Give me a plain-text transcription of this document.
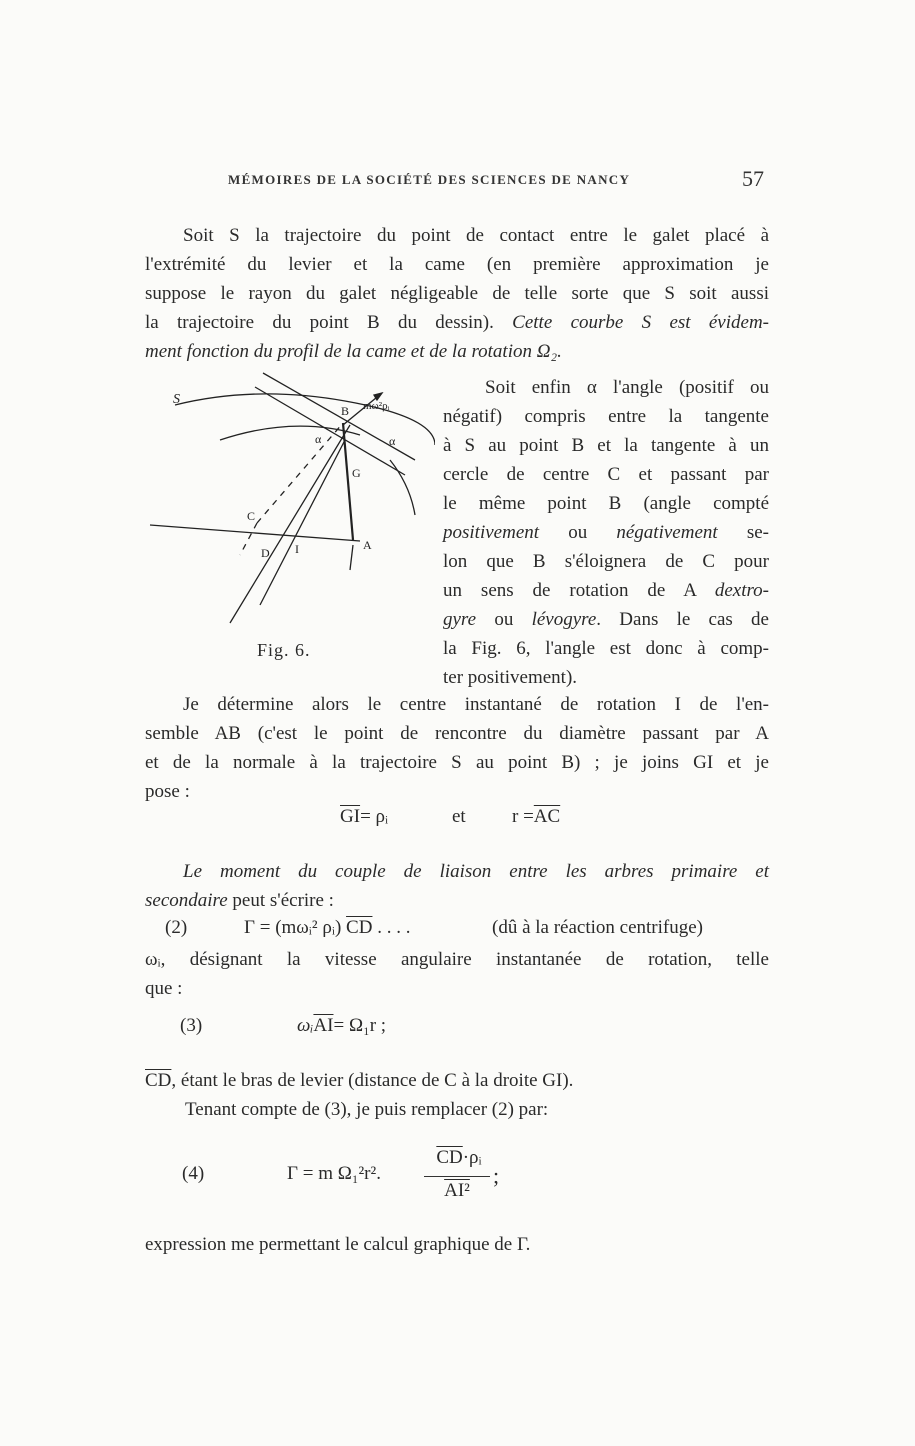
MÉMOIRES DE LA SOCIÉTÉ DES SCIENCES DE NANCY	57
Soit S la trajectoire du point de contact entre le galet placé à
l'extrémité du levier et la came (en première approximation je
suppose le rayon du galet négligeable de telle sorte que S soit aussi
la trajectoire du point B du dessin). Cette courbe S est évidem-
ment fonction du profil de la came et de la rotation Ω₂.
S
B mω²ρᵢ
α	α
G
C
A
D I
Fig. 6.
Soit enfin α l'angle (positif ou
négatif) compris entre la tangente
à S au point B et la tangente à un
cercle de centre C et passant par
le même point B (angle compté
positivement ou négativement se-
lon que B s'éloignera de C pour
un sens de rotation de A dextro-
gyre ou lévogyre. Dans le cas de
la Fig. 6, l'angle est donc à comp-
ter positivement).
Je détermine alors le centre instantané de rotation I de l'en-
semble AB (c'est le point de rencontre du diamètre passant par A
et de la normale à la trajectoire S au point B) ; je joins GI et je
pose :
$\overline{GI}=$ ρᵢ	et $r =\overline{AC}$
Le moment du couple de liaison entre les arbres primaire et
secondaire peut s'écrire :
(2)	Γ = (mωᵢ² ρᵢ) $\overline{CD}$ . . . .	(dû à la réaction centrifuge)
ωᵢ, désignant la vitesse angulaire instantanée de rotation, telle
que :
(3)	$\omega ᵢ\overline{AI}= \Omega_1r$ ;
$\overline{CD}$, étant le bras de levier (distance de C à la droite GI).
Tenant compte de (3), je puis remplacer (2) par:
(4)	Γ = m Ω₁²r².
$\overline{CD}\cdot\rho ᵢ$
AI²
;
expression me permettant le calcul graphique de Γ.
